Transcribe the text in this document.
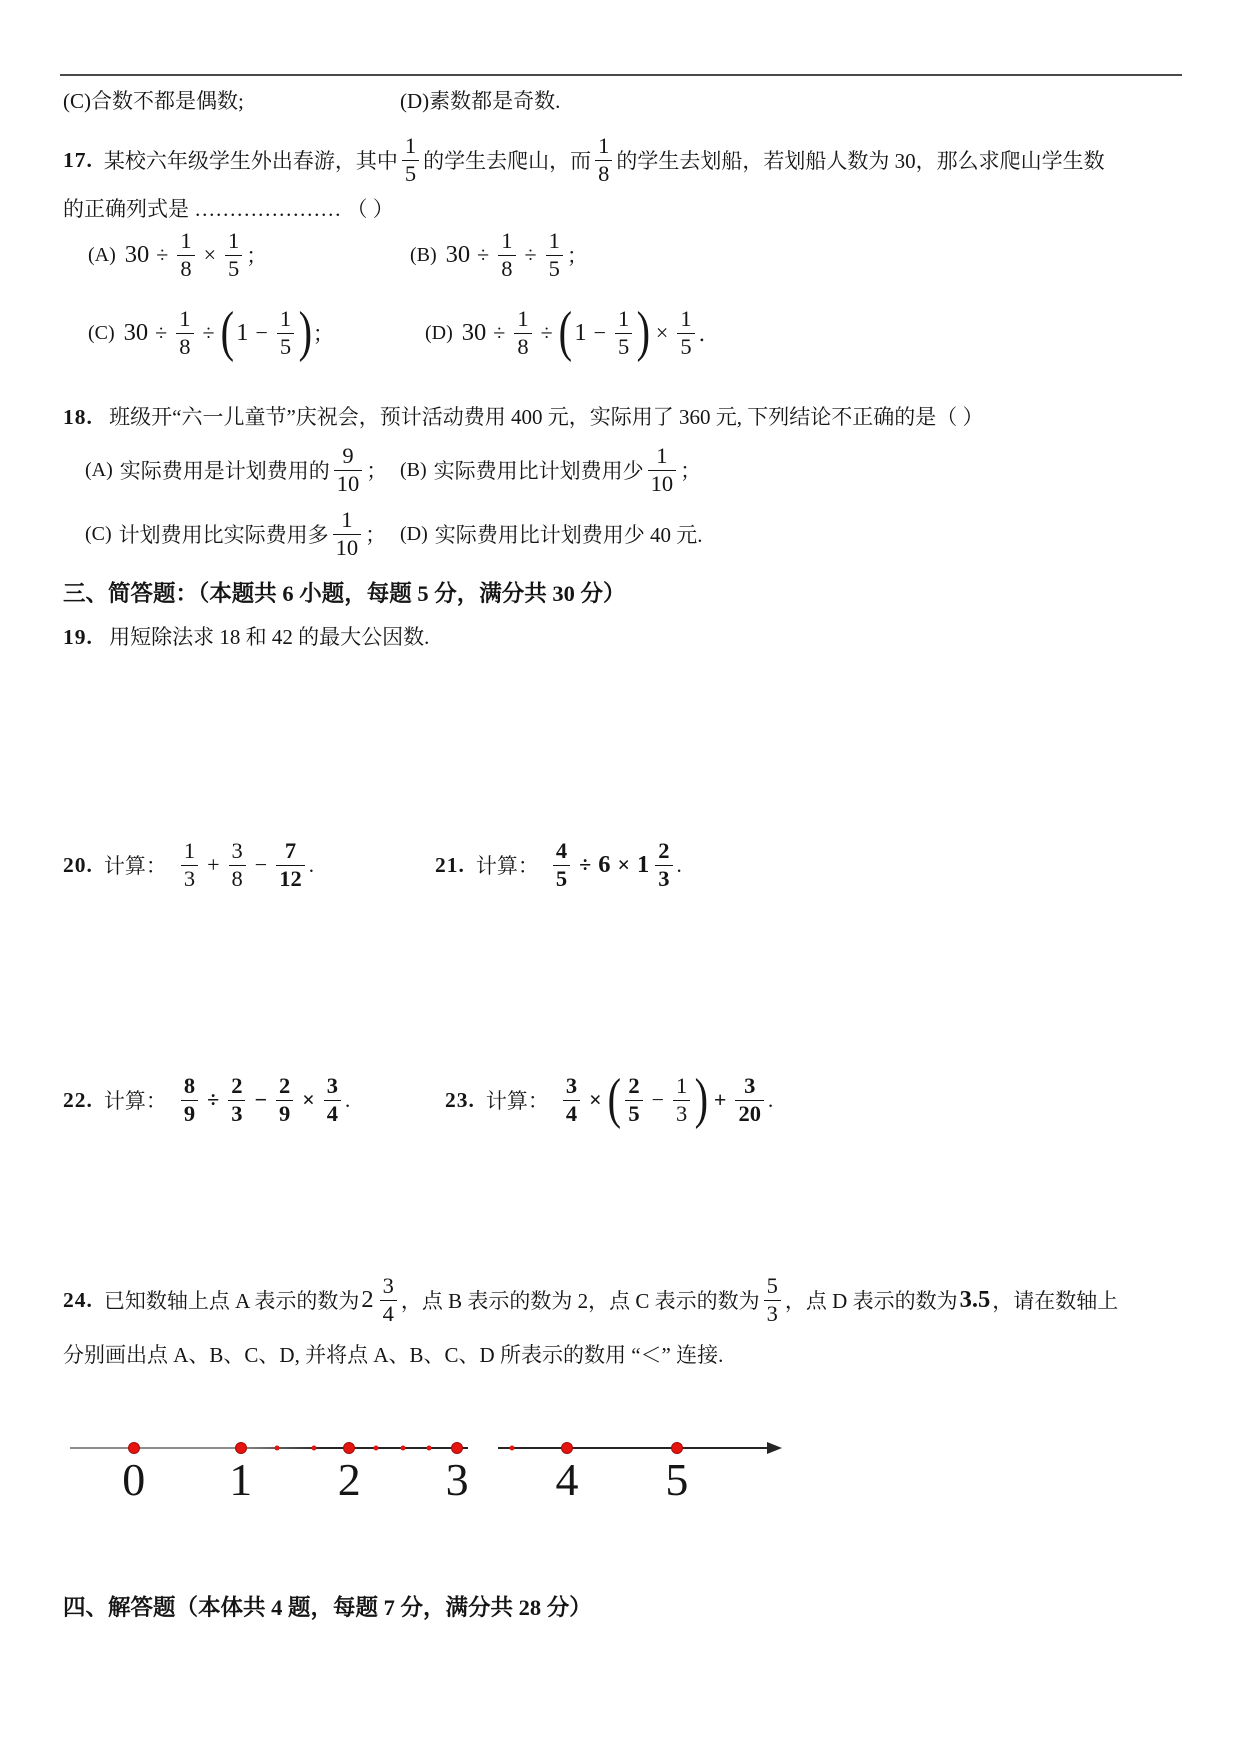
(C)合数不都是偶数;	(D)素数都是奇数.
17. 某校六年级学生外出春游，其中 $\frac{1}{5}$ 的学生去爬山，而 $\frac{1}{8}$ 的学生去划船，若划船人数为 30，那么求爬山学生数
的正确列式是 ………………… （ ）
(A) $30 \div \frac{1}{8} \times \frac{1}{5}$ ；	(B) $30 \div \frac{1}{8} \div \frac{1}{5}$ ；
(C) $30 \div \frac{1}{8}$ ÷ ( $1 - \frac{1}{5}$ ) ；	(D) $30 \div \frac{1}{8}$ ÷ ( $1 - \frac{1}{5}$ ) × $\frac{1}{5}$ ．
18. 班级开“六一儿童节”庆祝会，预计活动费用 400 元，实际用了 360 元, 下列结论不正确的是（ ）
(A) 实际费用是计划费用的 $\frac{9}{10}$ ； (B) 实际费用比计划费用少 $\frac{1}{10}$ ；
(C) 计划费用比实际费用多 $\frac{1}{10}$ ； (D) 实际费用比计划费用少 40 元.
三、简答题：（本题共 6 小题，每题 5 分，满分共 30 分）
19. 用短除法求 18 和 42 的最大公因数.
20. 计算： $\frac{1}{3} + \frac{3}{8} - \frac{7}{12}$ .	21. 计算： $\frac{4}{5} \div 6 \times 1 \frac{2}{3}$ .
22. 计算： $\frac{8}{9} \div \frac{2}{3} - \frac{2}{9} \times \frac{3}{4}$ .	23. 计算： $\frac{3}{4}$ × ( $\frac{2}{5} - \frac{1}{3}$ ) + $\frac{3}{20}$ .
24. 已知数轴上点 A 表示的数为 $2 \frac{3}{4}$ ，点 B 表示的数为 2，点 C 表示的数为 $\frac{5}{3}$ ，点 D 表示的数为 3.5 ，请在数轴上
分别画出点 A、B、C、D, 并将点 A、B、C、D 所表示的数用 “＜” 连接.
0 1 2 3 4 5
四、解答题（本体共 4 题，每题 7 分，满分共 28 分）
